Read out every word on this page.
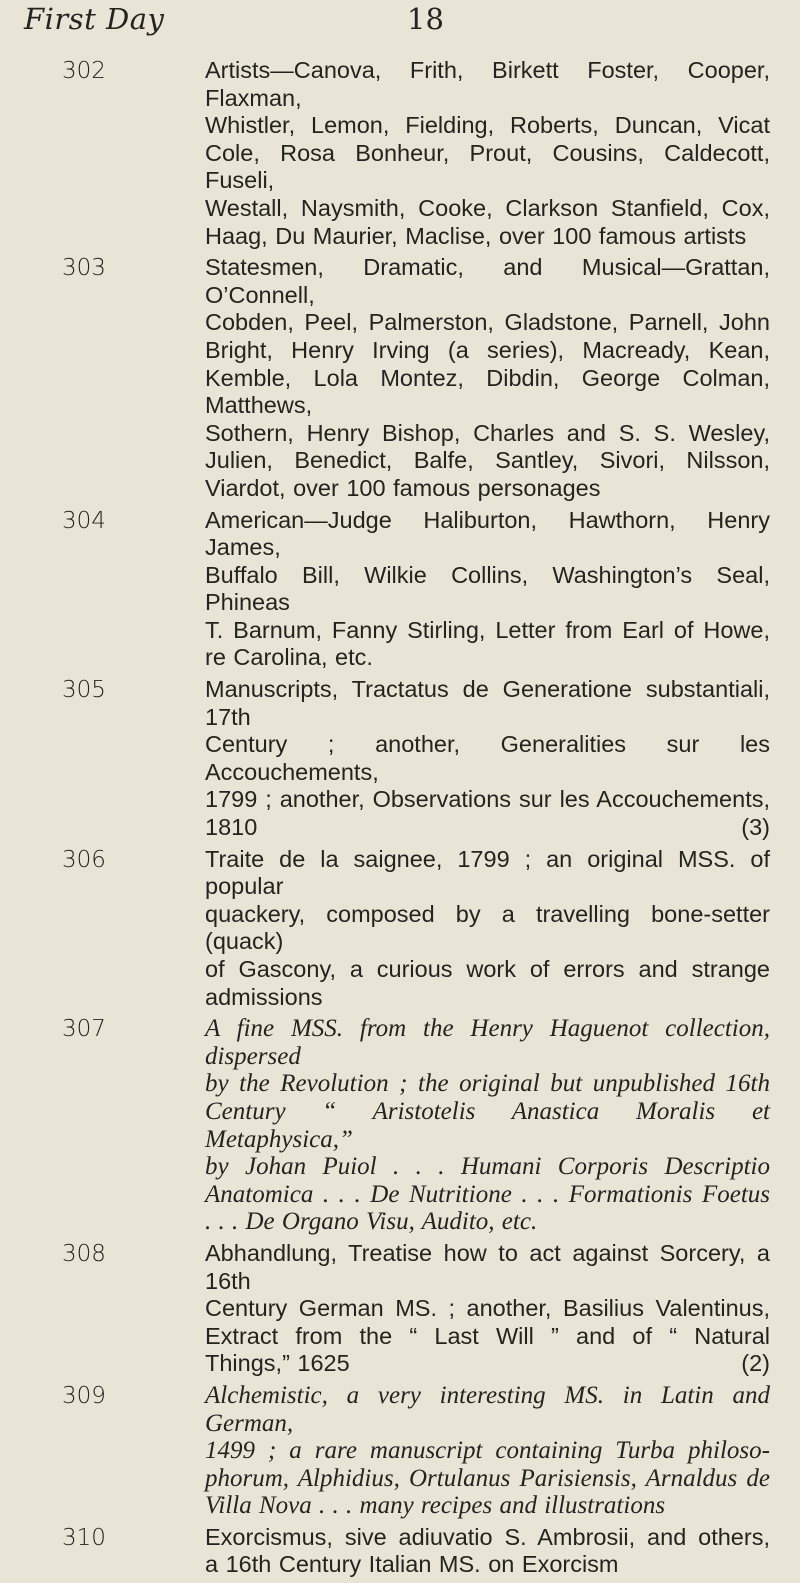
First Day	18
302	Artists—Canova, Frith, Birkett Foster, Cooper, Flaxman,
Whistler, Lemon, Fielding, Roberts, Duncan, Vicat
Cole, Rosa Bonheur, Prout, Cousins, Caldecott, Fuseli,
Westall, Naysmith, Cooke, Clarkson Stanfield, Cox,
Haag, Du Maurier, Maclise, over 100 famous artists
303	Statesmen, Dramatic, and Musical—Grattan, O’Connell,
Cobden, Peel, Palmerston, Gladstone, Parnell, John
Bright, Henry Irving (a series), Macready, Kean,
Kemble, Lola Montez, Dibdin, George Colman, Matthews,
Sothern, Henry Bishop, Charles and S. S. Wesley,
Julien, Benedict, Balfe, Santley, Sivori, Nilsson,
Viardot, over 100 famous personages
304	American—Judge Haliburton, Hawthorn, Henry James,
Buffalo Bill, Wilkie Collins, Washington’s Seal, Phineas
T. Barnum, Fanny Stirling, Letter from Earl of Howe,
re Carolina, etc.
305	Manuscripts, Tractatus de Generatione substantiali, 17th
Century ; another, Generalities sur les Accouchements,
1799 ; another, Observations sur les Accouchements,
1810	(3)
306	Traite de la saignee, 1799 ; an original MSS. of popular
quackery, composed by a travelling bone-setter (quack)
of Gascony, a curious work of errors and strange
admissions
307	A fine MSS. from the Henry Haguenot collection, dispersed
by the Revolution ; the original but unpublished 16th
Century “ Aristotelis Anastica Moralis et Metaphysica,”
by Johan Puiol . . . Humani Corporis Descriptio
Anatomica . . . De Nutritione . . . Formationis Foetus
. . . De Organo Visu, Audito, etc.
308	Abhandlung, Treatise how to act against Sorcery, a 16th
Century German MS. ; another, Basilius Valentinus,
Extract from the “ Last Will ” and of “ Natural
Things,” 1625	(2)
309	Alchemistic, a very interesting MS. in Latin and German,
1499 ; a rare manuscript containing Turba philoso-
phorum, Alphidius, Ortulanus Parisiensis, Arnaldus de
Villa Nova . . . many recipes and illustrations
310	Exorcismus, sive adiuvatio S. Ambrosii, and others,
a 16th Century Italian MS. on Exorcism
